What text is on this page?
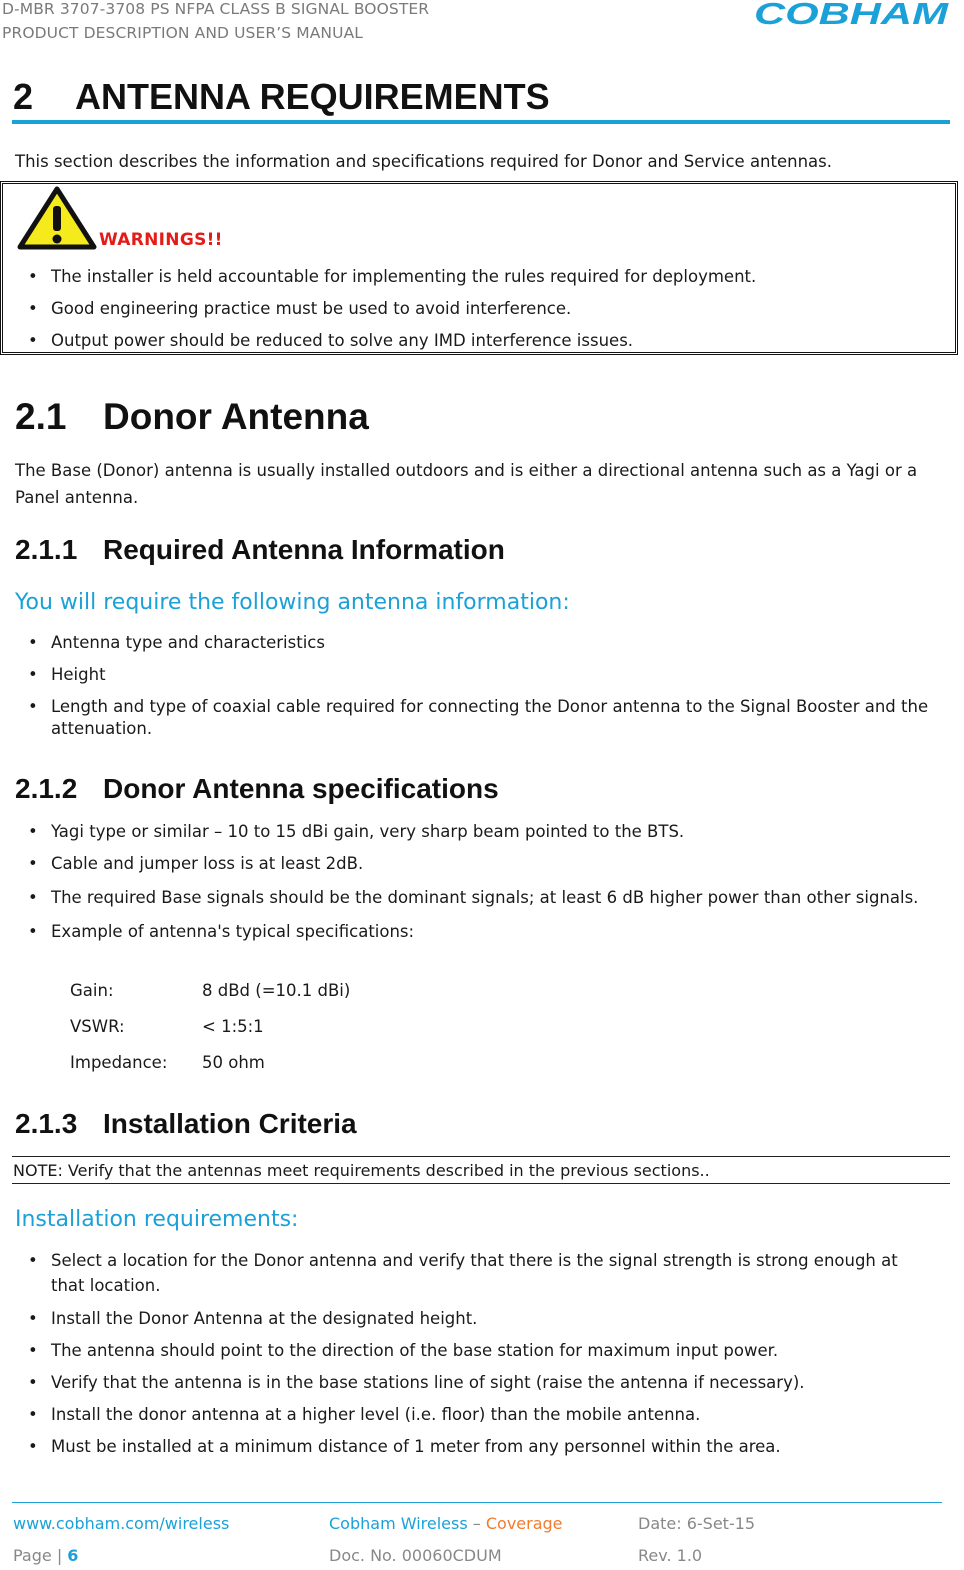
D-MBR 3707-3708 PS NFPA CLASS B SIGNAL BOOSTER
PRODUCT DESCRIPTION AND USER’S MANUAL
COBHAM
2 ANTENNA REQUIREMENTS
This section describes the information and specifications required for Donor and Service antennas.
WARNINGS!!
• The installer is held accountable for implementing the rules required for deployment.
• Good engineering practice must be used to avoid interference.
• Output power should be reduced to solve any IMD interference issues.
2.1 Donor Antenna
The Base (Donor) antenna is usually installed outdoors and is either a directional antenna such as a Yagi or a Panel antenna.
2.1.1 Required Antenna Information
You will require the following antenna information:
• Antenna type and characteristics
• Height
• Length and type of coaxial cable required for connecting the Donor antenna to the Signal Booster and the attenuation.
2.1.2 Donor Antenna specifications
• Yagi type or similar – 10 to 15 dBi gain, very sharp beam pointed to the BTS.
• Cable and jumper loss is at least 2dB.
• The required Base signals should be the dominant signals; at least 6 dB higher power than other signals.
• Example of antenna's typical specifications:
Gain:	8 dBd (=10.1 dBi)
VSWR:	< 1:5:1
Impedance: 50 ohm
2.1.3 Installation Criteria
NOTE: Verify that the antennas meet requirements described in the previous sections..
Installation requirements:
• Select a location for the Donor antenna and verify that there is the signal strength is strong enough at that location.
• Install the Donor Antenna at the designated height.
• The antenna should point to the direction of the base station for maximum input power.
• Verify that the antenna is in the base stations line of sight (raise the antenna if necessary).
• Install the donor antenna at a higher level (i.e. floor) than the mobile antenna.
• Must be installed at a minimum distance of 1 meter from any personnel within the area.
www.cobham.com/wireless	Cobham Wireless – Coverage	Date: 6-Set-15
Page | 6	Doc. No. 00060CDUM	Rev. 1.0
